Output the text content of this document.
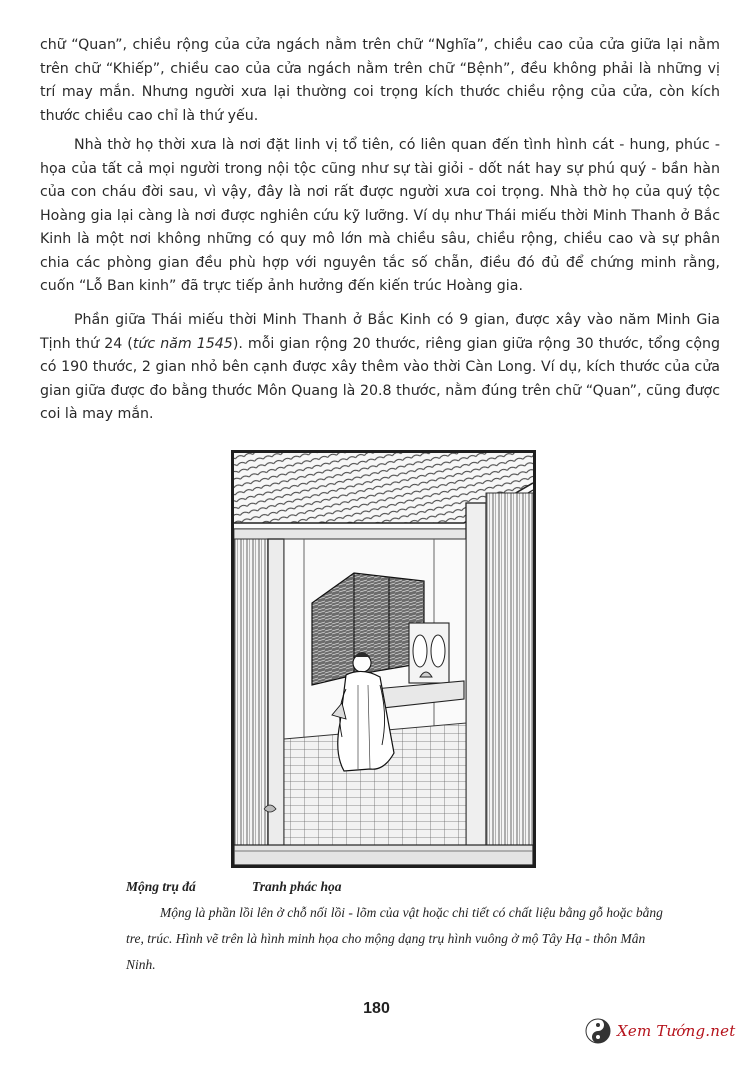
chữ “Quan”, chiều rộng của cửa ngách nằm trên chữ “Nghĩa”, chiều cao của cửa giữa lại nằm trên chữ “Khiếp”, chiều cao của cửa ngách nằm trên chữ “Bệnh”, đều không phải là những vị trí may mắn. Nhưng người xưa lại thường coi trọng kích thước chiều rộng của cửa, còn kích thước chiều cao chỉ là thứ yếu.

Nhà thờ họ thời xưa là nơi đặt linh vị tổ tiên, có liên quan đến tình hình cát - hung, phúc - họa của tất cả mọi người trong nội tộc cũng như sự tài giỏi - dốt nát hay sự phú quý - bần hàn của con cháu đời sau, vì vậy, đây là nơi rất được người xưa coi trọng. Nhà thờ họ của quý tộc Hoàng gia lại càng là nơi được nghiên cứu kỹ lưỡng. Ví dụ như Thái miếu thời Minh Thanh ở Bắc Kinh là một nơi không những có quy mô lớn mà chiều sâu, chiều rộng, chiều cao và sự phân chia các phòng gian đều phù hợp với nguyên tắc số chẵn, điều đó đủ để chứng minh rằng, cuốn “Lỗ Ban kinh” đã trực tiếp ảnh hưởng đến kiến trúc Hoàng gia.

Phần giữa Thái miếu thời Minh Thanh ở Bắc Kinh có 9 gian, được xây vào năm Minh Gia Tịnh thứ 24 (tức năm 1545). mỗi gian rộng 20 thước, riêng gian giữa rộng 30 thước, tổng cộng có 190 thước, 2 gian nhỏ bên cạnh được xây thêm vào thời Càn Long. Ví dụ, kích thước của cửa gian giữa được đo bằng thước Môn Quang là 20.8 thước, nằm đúng trên chữ “Quan”, cũng được coi là may mắn.

Mộng trụ đá	Tranh phác họa

Mộng là phần lồi lên ở chỗ nối lồi - lõm của vật hoặc chi tiết có chất liệu bằng gỗ hoặc bằng tre, trúc. Hình vẽ trên là hình minh họa cho mộng dạng trụ hình vuông ở mộ Tây Hạ - thôn Mân Ninh.

180
Xem Tướng.net
